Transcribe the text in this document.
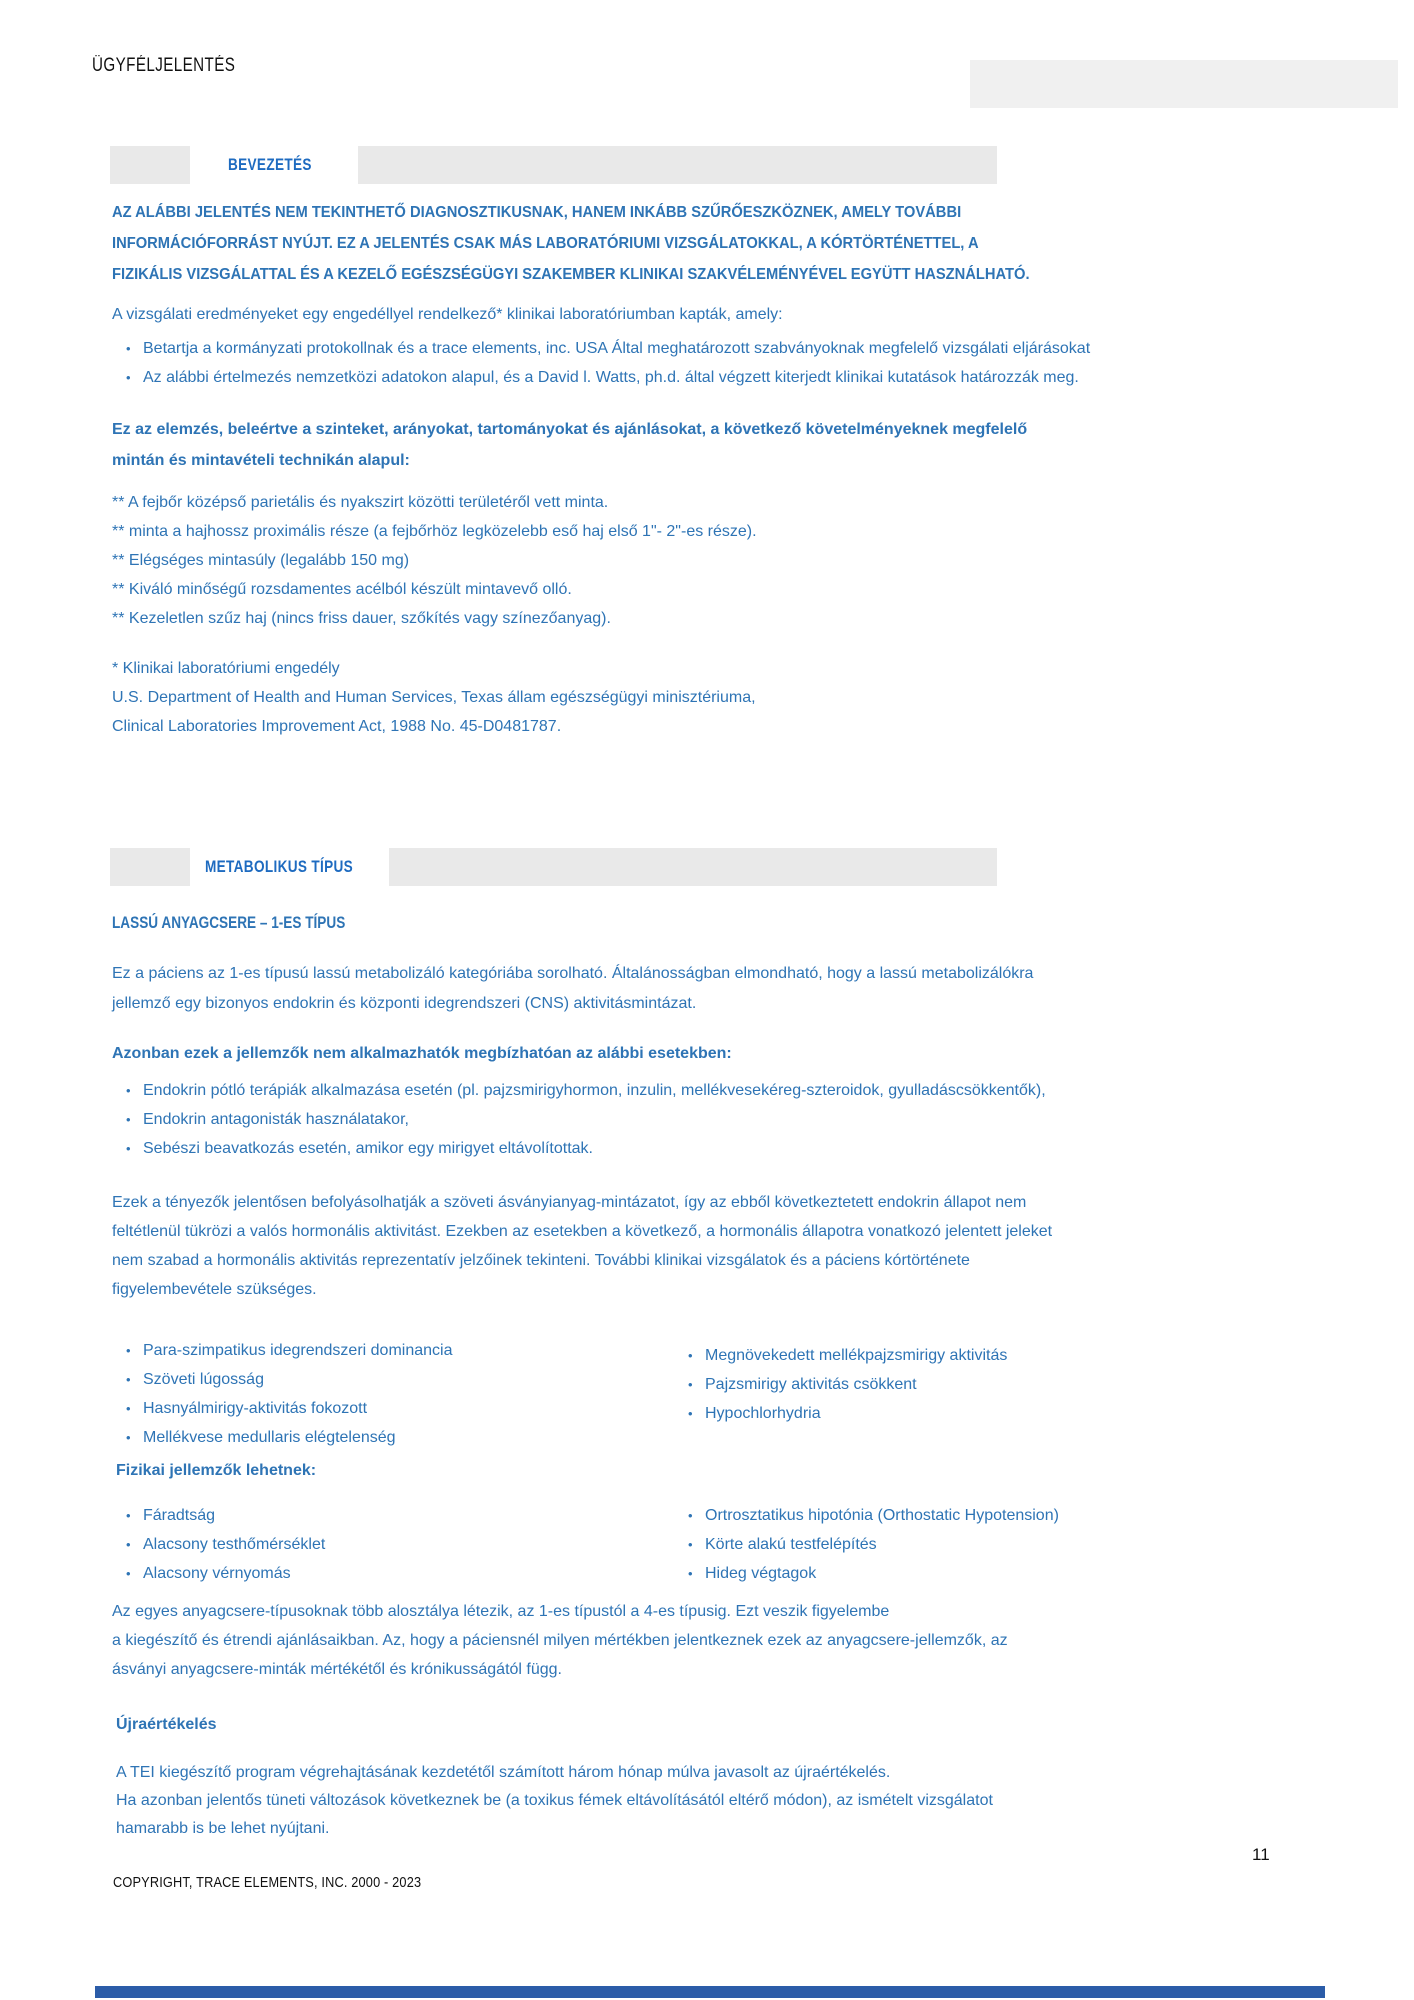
ÜGYFÉLJELENTÉS
BEVEZETÉS
AZ ALÁBBI JELENTÉS NEM TEKINTHETŐ DIAGNOSZTIKUSNAK, HANEM INKÁBB SZŰRŐESZKÖZNEK, AMELY TOVÁBBI
INFORMÁCIÓFORRÁST NYÚJT. EZ A JELENTÉS CSAK MÁS LABORATÓRIUMI VIZSGÁLATOKKAL, A KÓRTÖRTÉNETTEL, A
FIZIKÁLIS VIZSGÁLATTAL ÉS A KEZELŐ EGÉSZSÉGÜGYI SZAKEMBER KLINIKAI SZAKVÉLEMÉNYÉVEL EGYÜTT HASZNÁLHATÓ.
A vizsgálati eredményeket egy engedéllyel rendelkező* klinikai laboratóriumban kapták, amely:
• Betartja a kormányzati protokollnak és a trace elements, inc. USA Által meghatározott szabványoknak megfelelő vizsgálati eljárásokat
• Az alábbi értelmezés nemzetközi adatokon alapul, és a David l. Watts, ph.d. által végzett kiterjedt klinikai kutatások határozzák meg.
Ez az elemzés, beleértve a szinteket, arányokat, tartományokat és ajánlásokat, a következő követelményeknek megfelelő
mintán és mintavételi technikán alapul:
** A fejbőr középső parietális és nyakszirt közötti területéről vett minta.
** minta a hajhossz proximális része (a fejbőrhöz legközelebb eső haj első 1"- 2"-es része).
** Elégséges mintasúly (legalább 150 mg)
** Kiváló minőségű rozsdamentes acélból készült mintavevő olló.
** Kezeletlen szűz haj (nincs friss dauer, szőkítés vagy színezőanyag).
* Klinikai laboratóriumi engedély
U.S. Department of Health and Human Services, Texas állam egészségügyi minisztériuma,
Clinical Laboratories Improvement Act, 1988 No. 45-D0481787.
METABOLIKUS TÍPUS
LASSÚ ANYAGCSERE – 1-ES TÍPUS
Ez a páciens az 1-es típusú lassú metabolizáló kategóriába sorolható. Általánosságban elmondható, hogy a lassú metabolizálókra
jellemző egy bizonyos endokrin és központi idegrendszeri (CNS) aktivitásmintázat.
Azonban ezek a jellemzők nem alkalmazhatók megbízhatóan az alábbi esetekben:
• Endokrin pótló terápiák alkalmazása esetén (pl. pajzsmirigyhormon, inzulin, mellékvesekéreg-szteroidok, gyulladáscsökkentők),
• Endokrin antagonisták használatakor,
• Sebészi beavatkozás esetén, amikor egy mirigyet eltávolítottak.
Ezek a tényezők jelentősen befolyásolhatják a szöveti ásványianyag-mintázatot, így az ebből következtetett endokrin állapot nem
feltétlenül tükrözi a valós hormonális aktivitást. Ezekben az esetekben a következő, a hormonális állapotra vonatkozó jelentett jeleket
nem szabad a hormonális aktivitás reprezentatív jelzőinek tekinteni. További klinikai vizsgálatok és a páciens kórtörténete
figyelembevétele szükséges.
• Para-szimpatikus idegrendszeri dominancia
• Szöveti lúgosság
• Hasnyálmirigy-aktivitás fokozott
• Mellékvese medullaris elégtelenség
• Megnövekedett mellékpajzsmirigy aktivitás
• Pajzsmirigy aktivitás csökkent
• Hypochlorhydria
Fizikai jellemzők lehetnek:
• Fáradtság
• Alacsony testhőmérséklet
• Alacsony vérnyomás
• Ortrosztatikus hipotónia (Orthostatic Hypotension)
• Körte alakú testfelépítés
• Hideg végtagok
Az egyes anyagcsere-típusoknak több alosztálya létezik, az 1-es típustól a 4-es típusig. Ezt veszik figyelembe
a kiegészítő és étrendi ajánlásaikban. Az, hogy a páciensnél milyen mértékben jelentkeznek ezek az anyagcsere-jellemzők, az
ásványi anyagcsere-minták mértékétől és krónikusságától függ.
Újraértékelés
A TEI kiegészítő program végrehajtásának kezdetétől számított három hónap múlva javasolt az újraértékelés.
Ha azonban jelentős tüneti változások következnek be (a toxikus fémek eltávolításától eltérő módon), az ismételt vizsgálatot
hamarabb is be lehet nyújtani.
11
COPYRIGHT, TRACE ELEMENTS, INC. 2000 - 2023
